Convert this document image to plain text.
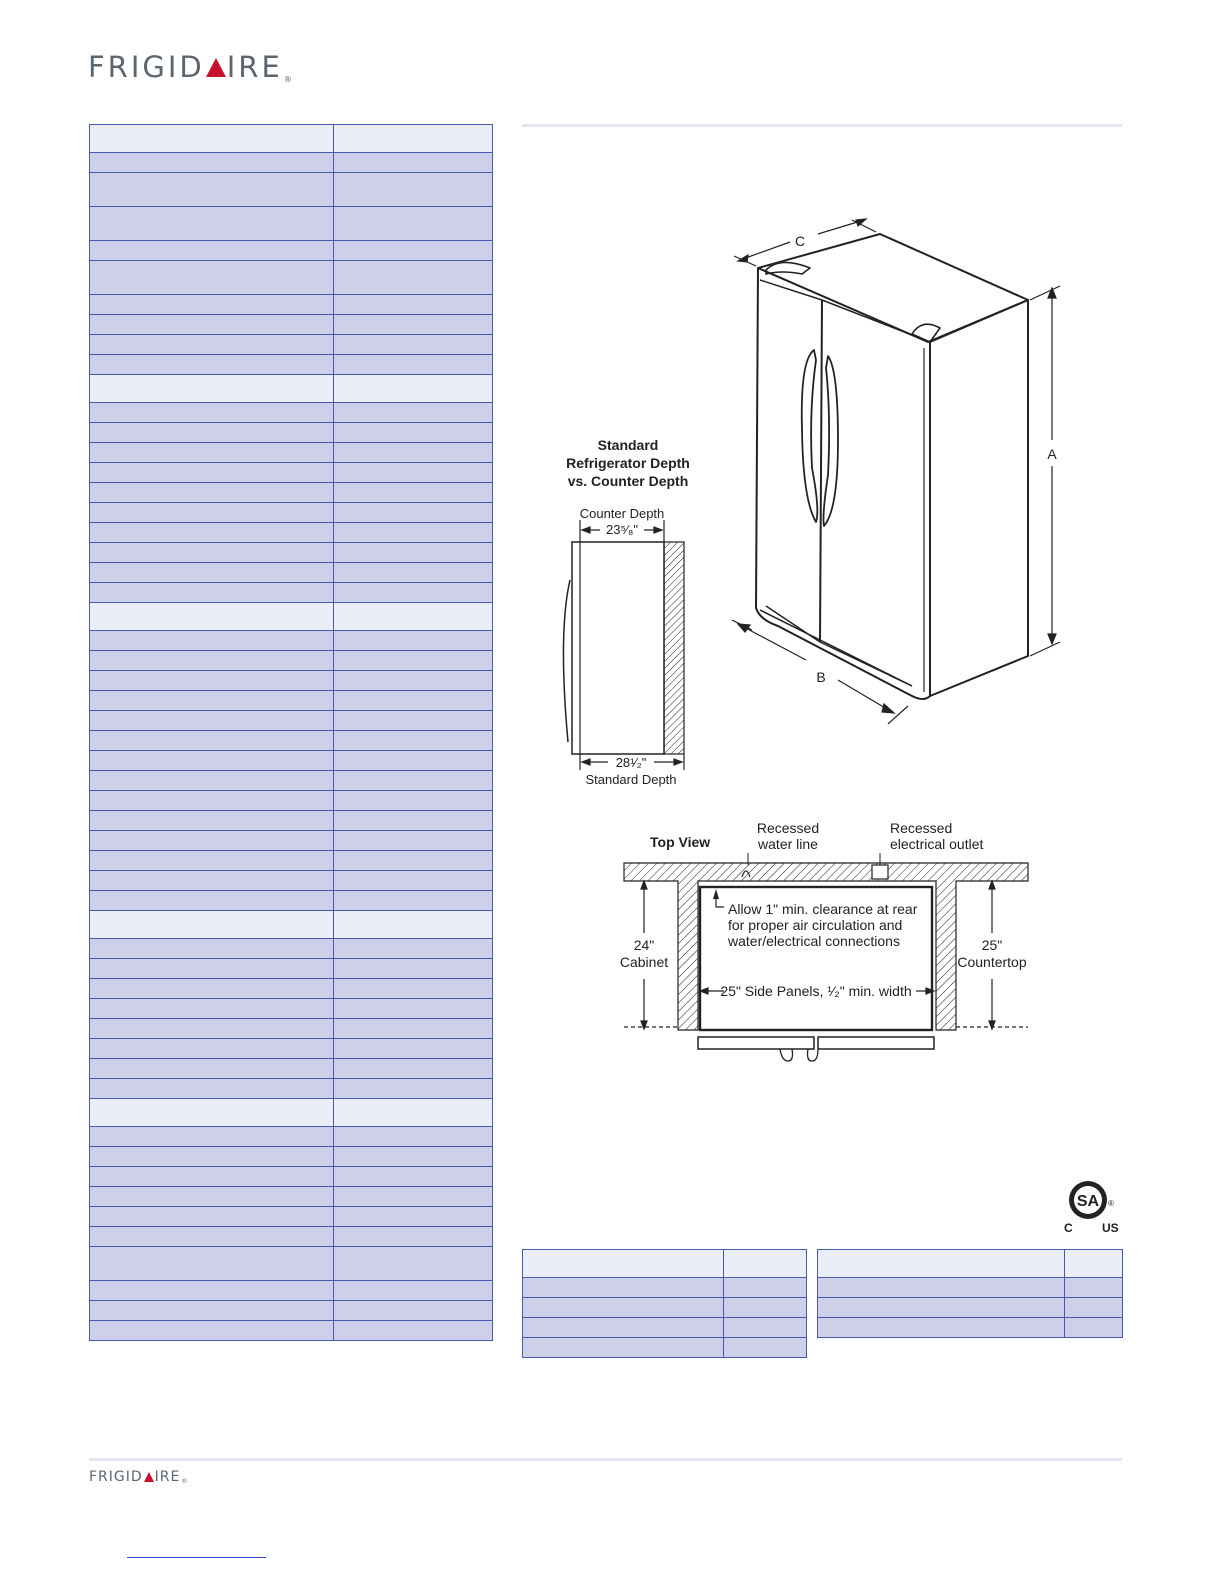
FRIGID IRE ®

C
A
B
Standard
Refrigerator Depth
vs. Counter Depth
Counter Depth
23⁵⁄₈"
28¹⁄₂"
Standard Depth
Top View
Recessed
water line
Recessed
electrical outlet
Allow 1" min. clearance at rear
for proper air circulation and
water/electrical connections
25" Side Panels, ¹⁄₂" min. width
24"
Cabinet
25"
Countertop
SA ®
C US

FRIGID IRE ®
